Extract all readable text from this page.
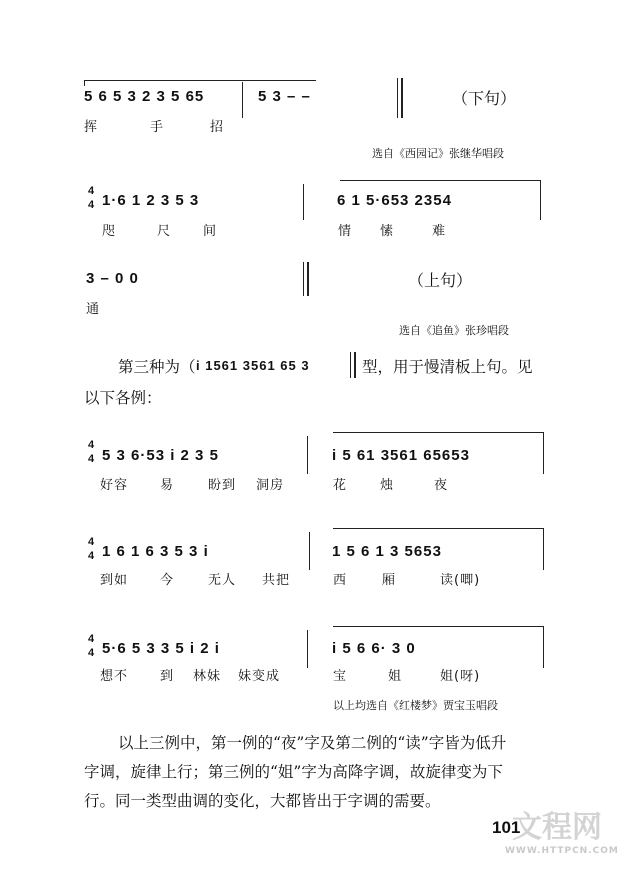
5 6 5 3 2 3 5 65	5 3 – –	（下句）
挥	手	招
选自《西园记》张继华唱段
4
4 1·6 1 2 3 5 3	6 1 5·653 2354
咫	尺 间	情 愫	难
3 – 0 0	（上句）
通
选自《追鱼》张珍唱段
第三种为（ i 1561 3561 65 3	型，用于慢清板上句。见
以下各例：
4
4 5 3 6·53 i 2 3 5	i 5 61 3561 65653
好容 易	盼到 洞房	花	烛	夜
4
4 1 6 1 6 3 5 3 i	1 5 6 1 3 5653
到如 今	无人 共把	西	厢	读(唧)
4
4 5·6 5 3 3 5 i 2 i	i 5 6 6· 3 0
想不 到 林妹 妹变成	宝	姐	姐(呀)
以上均选自《红楼梦》贾宝玉唱段
以上三例中，第一例的“夜”字及第二例的“读”字皆为低升
字调，旋律上行；第三例的“姐”字为高降字调，故旋律变为下
行。同一类型曲调的变化，大都皆出于字调的需要。
101
文程网
WWW.HTTPCN.COM
